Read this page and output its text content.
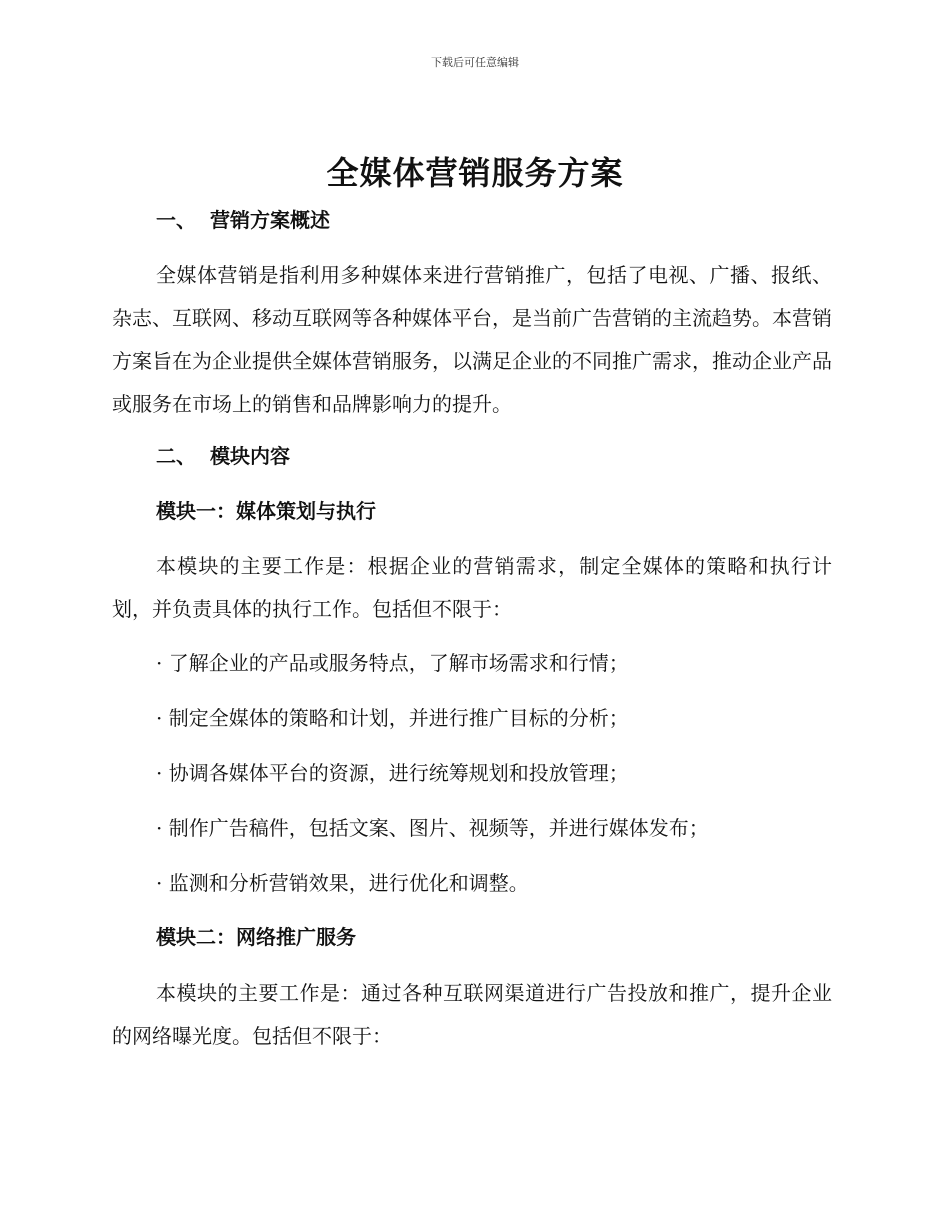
下载后可任意编辑
全媒体营销服务方案
一、 营销方案概述
全媒体营销是指利用多种媒体来进行营销推广，包括了电视、广播、报纸、杂志、互联网、移动互联网等各种媒体平台，是当前广告营销的主流趋势。本营销方案旨在为企业提供全媒体营销服务，以满足企业的不同推广需求，推动企业产品或服务在市场上的销售和品牌影响力的提升。
二、 模块内容
模块一：媒体策划与执行
本模块的主要工作是：根据企业的营销需求，制定全媒体的策略和执行计划，并负责具体的执行工作。包括但不限于：
· 了解企业的产品或服务特点，了解市场需求和行情；
· 制定全媒体的策略和计划，并进行推广目标的分析；
· 协调各媒体平台的资源，进行统筹规划和投放管理；
· 制作广告稿件，包括文案、图片、视频等，并进行媒体发布；
· 监测和分析营销效果，进行优化和调整。
模块二：网络推广服务
本模块的主要工作是：通过各种互联网渠道进行广告投放和推广，提升企业的网络曝光度。包括但不限于：
